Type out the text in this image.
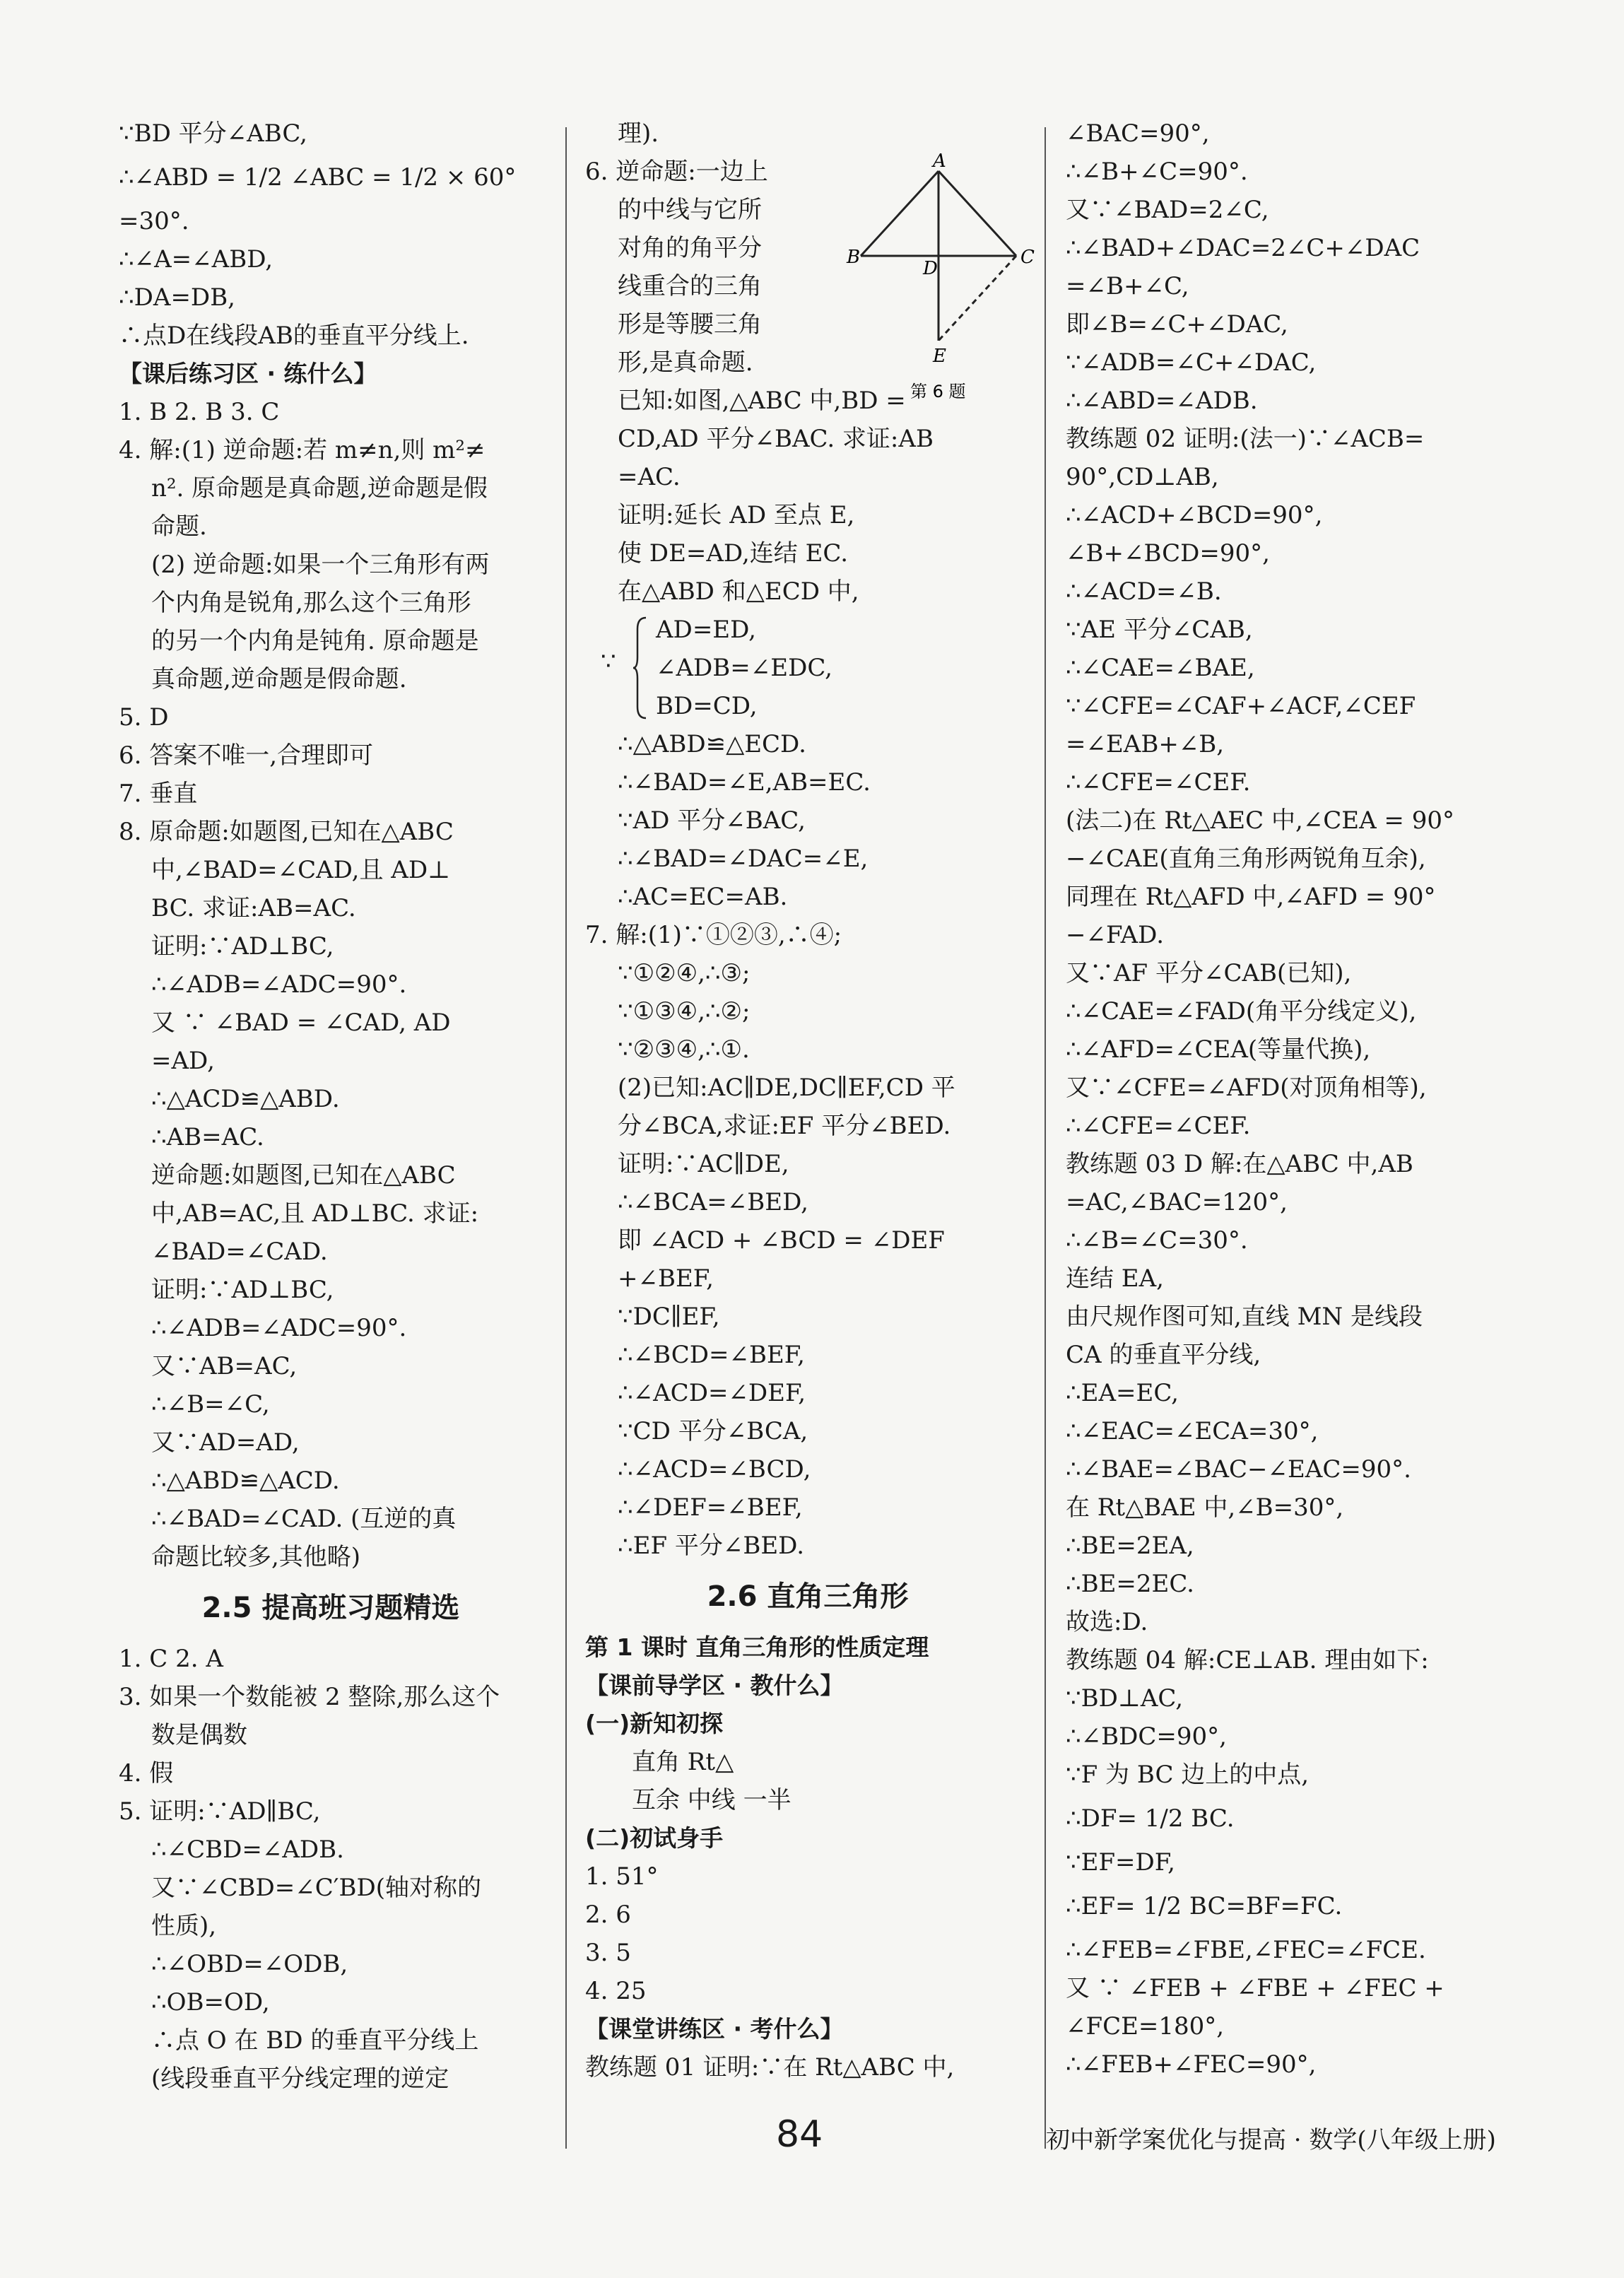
∵BD 平分∠ABC,
∴∠ABD = 1/2 ∠ABC = 1/2 × 60°
=30°.
∴∠A=∠ABD,
∴DA=DB,
∴点D在线段AB的垂直平分线上.
【课后练习区 · 练什么】
1. B 2. B 3. C
4. 解:(1) 逆命题:若 m≠n,则 m²≠
n². 原命题是真命题,逆命题是假
命题.
(2) 逆命题:如果一个三角形有两
个内角是锐角,那么这个三角形
的另一个内角是钝角. 原命题是
真命题,逆命题是假命题.
5. D
6. 答案不唯一,合理即可
7. 垂直
8. 原命题:如题图,已知在△ABC
中,∠BAD=∠CAD,且 AD⊥
BC. 求证:AB=AC.
证明:∵AD⊥BC,
∴∠ADB=∠ADC=90°.
又 ∵ ∠BAD = ∠CAD, AD
=AD,
∴△ACD≌△ABD.
∴AB=AC.
逆命题:如题图,已知在△ABC
中,AB=AC,且 AD⊥BC. 求证:
∠BAD=∠CAD.
证明:∵AD⊥BC,
∴∠ADB=∠ADC=90°.
又∵AB=AC,
∴∠B=∠C,
又∵AD=AD,
∴△ABD≌△ACD.
∴∠BAD=∠CAD. (互逆的真
命题比较多,其他略)
2.5 提高班习题精选
1. C 2. A
3. 如果一个数能被 2 整除,那么这个
数是偶数
4. 假
5. 证明:∵AD∥BC,
∴∠CBD=∠ADB.
又∵∠CBD=∠C′BD(轴对称的
性质),
∴∠OBD=∠ODB,
∴OB=OD,
∴点 O 在 BD 的垂直平分线上
(线段垂直平分线定理的逆定
理).
6. 逆命题:一边上
的中线与它所
对角的角平分
线重合的三角
形是等腰三角
形,是真命题.
已知:如图,△ABC 中,BD =
CD,AD 平分∠BAC. 求证:AB
=AC.
证明:延长 AD 至点 E,
使 DE=AD,连结 EC.
在△ABD 和△ECD 中,
A
B	C
D
E
第 6 题
∵
AD=ED,
∠ADB=∠EDC,
BD=CD,
∴△ABD≌△ECD.
∴∠BAD=∠E,AB=EC.
∵AD 平分∠BAC,
∴∠BAD=∠DAC=∠E,
∴AC=EC=AB.
7. 解:(1)∵①②③,∴④;
∵①②④,∴③;
∵①③④,∴②;
∵②③④,∴①.
(2)已知:AC∥DE,DC∥EF,CD 平
分∠BCA,求证:EF 平分∠BED.
证明:∵AC∥DE,
∴∠BCA=∠BED,
即 ∠ACD + ∠BCD = ∠DEF
+∠BEF,
∵DC∥EF,
∴∠BCD=∠BEF,
∴∠ACD=∠DEF,
∵CD 平分∠BCA,
∴∠ACD=∠BCD,
∴∠DEF=∠BEF,
∴EF 平分∠BED.
2.6 直角三角形
第 1 课时 直角三角形的性质定理
【课前导学区 · 教什么】
(一)新知初探
直角 Rt△
互余 中线 一半
(二)初试身手
1. 51°
2. 6
3. 5
4. 25
【课堂讲练区 · 考什么】
教练题 01 证明:∵在 Rt△ABC 中,
∠BAC=90°,
∴∠B+∠C=90°.
又∵∠BAD=2∠C,
∴∠BAD+∠DAC=2∠C+∠DAC
=∠B+∠C,
即∠B=∠C+∠DAC,
∵∠ADB=∠C+∠DAC,
∴∠ABD=∠ADB.
教练题 02 证明:(法一)∵∠ACB=
90°,CD⊥AB,
∴∠ACD+∠BCD=90°,
∠B+∠BCD=90°,
∴∠ACD=∠B.
∵AE 平分∠CAB,
∴∠CAE=∠BAE,
∵∠CFE=∠CAF+∠ACF,∠CEF
=∠EAB+∠B,
∴∠CFE=∠CEF.
(法二)在 Rt△AEC 中,∠CEA = 90°
−∠CAE(直角三角形两锐角互余),
同理在 Rt△AFD 中,∠AFD = 90°
−∠FAD.
又∵AF 平分∠CAB(已知),
∴∠CAE=∠FAD(角平分线定义),
∴∠AFD=∠CEA(等量代换),
又∵∠CFE=∠AFD(对顶角相等),
∴∠CFE=∠CEF.
教练题 03 D 解:在△ABC 中,AB
=AC,∠BAC=120°,
∴∠B=∠C=30°.
连结 EA,
由尺规作图可知,直线 MN 是线段
CA 的垂直平分线,
∴EA=EC,
∴∠EAC=∠ECA=30°,
∴∠BAE=∠BAC−∠EAC=90°.
在 Rt△BAE 中,∠B=30°,
∴BE=2EA,
∴BE=2EC.
故选:D.
教练题 04 解:CE⊥AB. 理由如下:
∵BD⊥AC,
∴∠BDC=90°,
∵F 为 BC 边上的中点,
∴DF= 1/2 BC.
∵EF=DF,
∴EF= 1/2 BC=BF=FC.
∴∠FEB=∠FBE,∠FEC=∠FCE.
又 ∵ ∠FEB + ∠FBE + ∠FEC +
∠FCE=180°,
∴∠FEB+∠FEC=90°,
84	初中新学案优化与提高 · 数学(八年级上册)
